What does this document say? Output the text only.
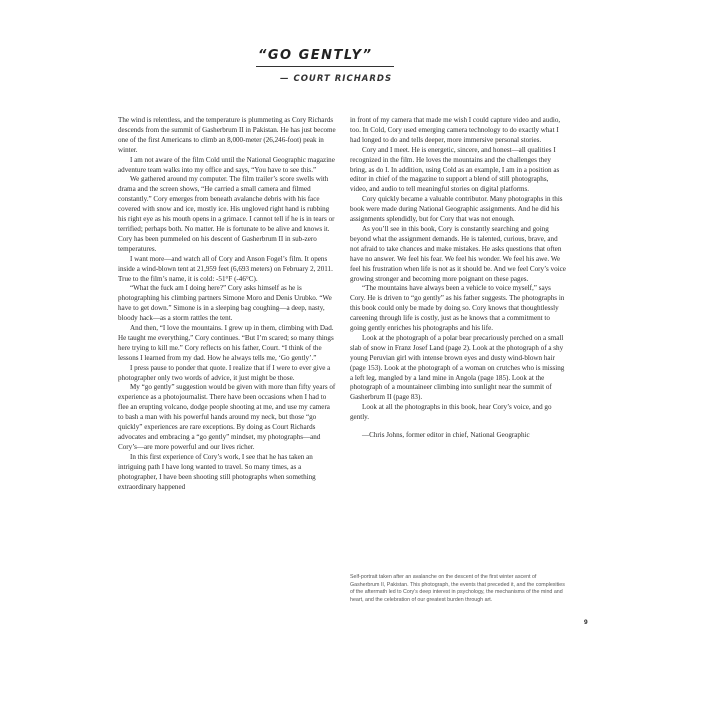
“GO GENTLY”
— COURT RICHARDS

The wind is relentless, and the temperature is plummeting as Cory Richards descends from the summit of Gasherbrum II in Pakistan. He has just become one of the first Americans to climb an 8,000-meter (26,246-foot) peak in winter.

I am not aware of the film Cold until the National Geographic magazine adventure team walks into my office and says, “You have to see this.”

We gathered around my computer. The film trailer’s score swells with drama and the screen shows, “He carried a small camera and filmed constantly.” Cory emerges from beneath avalanche debris with his face covered with snow and ice, mostly ice. His ungloved right hand is rubbing his right eye as his mouth opens in a grimace. I cannot tell if he is in tears or terrified; perhaps both. No matter. He is fortunate to be alive and knows it. Cory has been pummeled on his descent of Gasherbrum II in sub-zero temperatures.

I want more—and watch all of Cory and Anson Fogel’s film. It opens inside a wind-blown tent at 21,959 feet (6,693 meters) on February 2, 2011. True to the film’s name, it is cold: -51°F (-46°C).

“What the fuck am I doing here?” Cory asks himself as he is photographing his climbing partners Simone Moro and Denis Urubko. “We have to get down.” Simone is in a sleeping bag coughing—a deep, nasty, bloody hack—as a storm rattles the tent.

And then, “I love the mountains. I grew up in them, climbing with Dad. He taught me everything,” Cory continues. “But I’m scared; so many things here trying to kill me.” Cory reflects on his father, Court. “I think of the lessons I learned from my dad. How he always tells me, ‘Go gently’.”

I press pause to ponder that quote. I realize that if I were to ever give a photographer only two words of advice, it just might be those.

My “go gently” suggestion would be given with more than fifty years of experience as a photojournalist. There have been occasions when I had to flee an erupting volcano, dodge people shooting at me, and use my camera to bash a man with his powerful hands around my neck, but those “go quickly” experiences are rare exceptions. By doing as Court Richards advocates and embracing a “go gently” mindset, my photographs—and Cory’s—are more powerful and our lives richer.

In this first experience of Cory’s work, I see that he has taken an intriguing path I have long wanted to travel. So many times, as a photographer, I have been shooting still photographs when something extraordinary happened

in front of my camera that made me wish I could capture video and audio, too. In Cold, Cory used emerging camera technology to do exactly what I had longed to do and tells deeper, more immersive personal stories.

Cory and I meet. He is energetic, sincere, and honest—all qualities I recognized in the film. He loves the mountains and the challenges they bring, as do I. In addition, using Cold as an example, I am in a position as editor in chief of the magazine to support a blend of still photographs, video, and audio to tell meaningful stories on digital platforms.

Cory quickly became a valuable contributor. Many photographs in this book were made during National Geographic assignments. And he did his assignments splendidly, but for Cory that was not enough.

As you’ll see in this book, Cory is constantly searching and going beyond what the assignment demands. He is talented, curious, brave, and not afraid to take chances and make mistakes. He asks questions that often have no answer. We feel his fear. We feel his wonder. We feel his awe. We feel his frustration when life is not as it should be. And we feel Cory’s voice growing stronger and becoming more poignant on these pages.

“The mountains have always been a vehicle to voice myself,” says Cory. He is driven to “go gently” as his father suggests. The photographs in this book could only be made by doing so. Cory knows that thoughtlessly careening through life is costly, just as he knows that a commitment to going gently enriches his photographs and his life.

Look at the photograph of a polar bear precariously perched on a small slab of snow in Franz Josef Land (page 2). Look at the photograph of a shy young Peruvian girl with intense brown eyes and dusty wind-blown hair (page 153). Look at the photograph of a woman on crutches who is missing a left leg, mangled by a land mine in Angola (page 185). Look at the photograph of a mountaineer climbing into sunlight near the summit of Gasherbrum II (page 83).

Look at all the photographs in this book, hear Cory’s voice, and go gently.

—Chris Johns, former editor in chief, National Geographic

Self-portrait taken after an avalanche on the descent of the first winter ascent of Gasherbrum II, Pakistan. This photograph, the events that preceded it, and the complexities of the aftermath led to Cory’s deep interest in psychology, the mechanisms of the mind and heart, and the celebration of our greatest burden through art.
9
